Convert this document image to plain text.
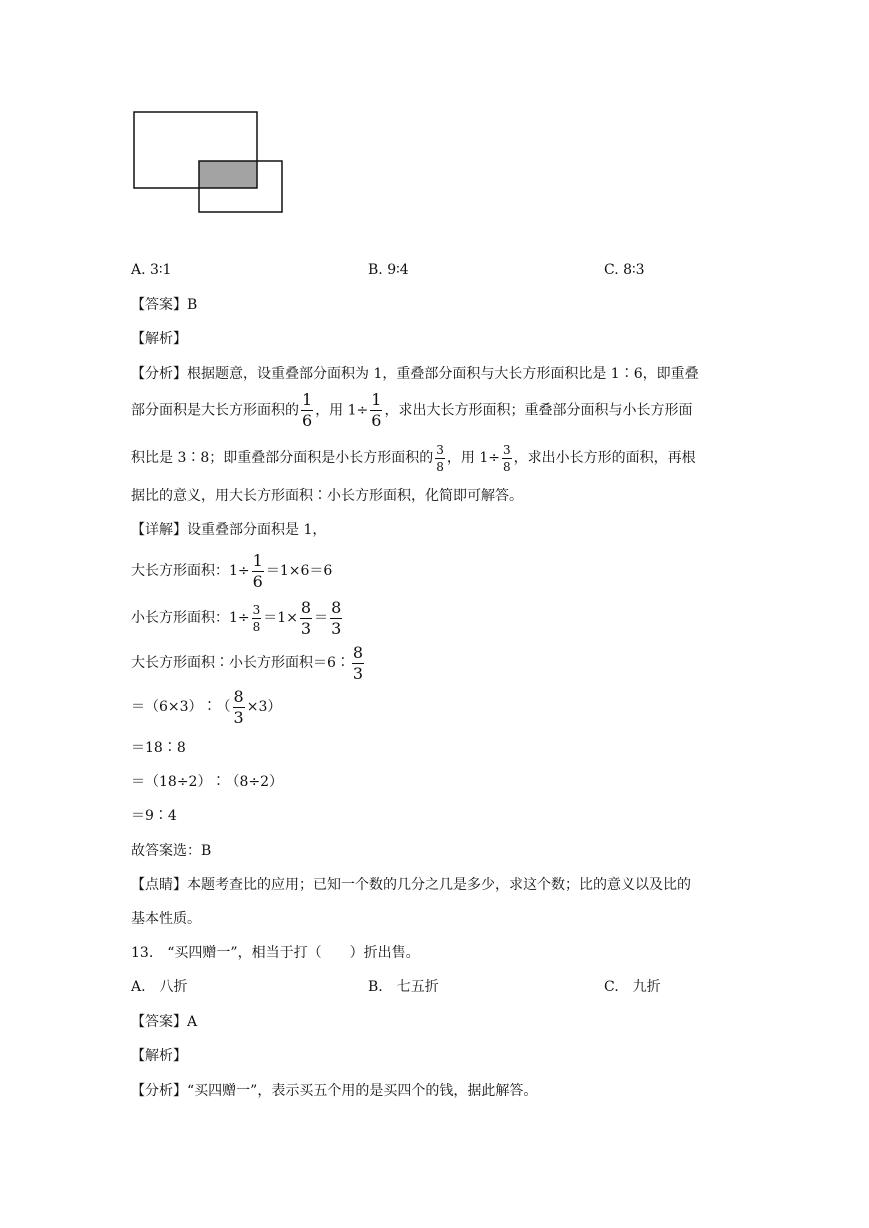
A. 3∶1	B. 9∶4	C. 8∶3
【答案】B
【解析】
【分析】根据题意，设重叠部分面积为 1，重叠部分面积与大长方形面积比是 1∶6，即重叠
部分面积是大长方形面积的 $\frac{1}{6}$ ，用 $1\div \frac{1}{6}$ ，求出大长方形面积；重叠部分面积与小长方形面
积比是 3∶8；即重叠部分面积是小长方形面积的 $\frac{3}{8}$ ，用 $1\div \frac{3}{8}$ ，求出小长方形的面积，再根
据比的意义，用大长方形面积∶小长方形面积，化简即可解答。
【详解】设重叠部分面积是 1，
大长方形面积：$1\div \frac{1}{6} =1\times 6=6$
小长方形面积：$1\div \frac{3}{8} =1\times \frac{8}{3} = \frac{8}{3}$
大长方形面积∶小长方形面积＝6∶ $\frac{8}{3}$
＝（6×3）∶（ $\frac{8}{3} \times 3$）
＝18∶8
＝（18÷2）∶（8÷2）
＝9∶4
故答案选：B
【点睛】本题考查比的应用；已知一个数的几分之几是多少，求这个数；比的意义以及比的
基本性质。
13.　“买四赠一”，相当于打（　　）折出售。
A.　八折	B.　七五折	C.　九折
【答案】A
【解析】
【分析】“买四赠一”，表示买五个用的是买四个的钱，据此解答。
